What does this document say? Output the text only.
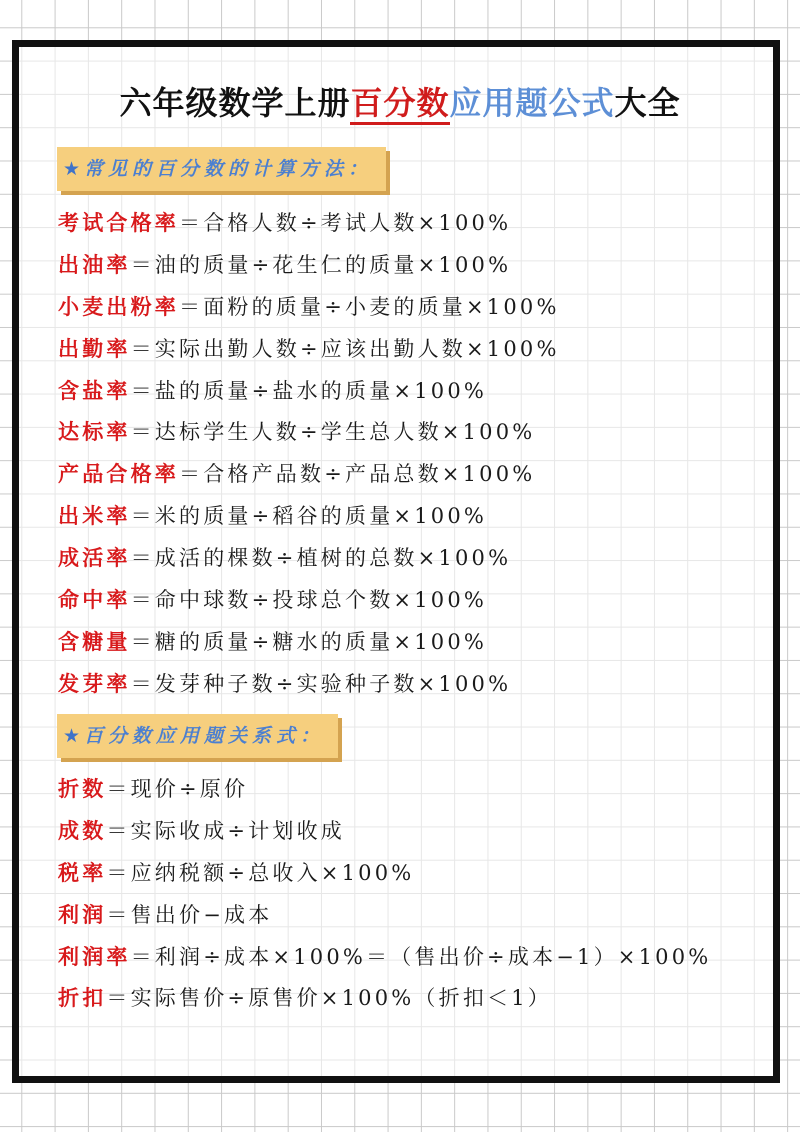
六年级数学上册百分数应用题公式大全
★ 常见的百分数的计算方法：
考试合格率＝合格人数÷考试人数×100%
出油率＝油的质量÷花生仁的质量×100%
小麦出粉率＝面粉的质量÷小麦的质量×100%
出勤率＝实际出勤人数÷应该出勤人数×100%
含盐率＝盐的质量÷盐水的质量×100%
达标率＝达标学生人数÷学生总人数×100%
产品合格率＝合格产品数÷产品总数×100%
出米率＝米的质量÷稻谷的质量×100%
成活率＝成活的棵数÷植树的总数×100%
命中率＝命中球数÷投球总个数×100%
含糖量＝糖的质量÷糖水的质量×100%
发芽率＝发芽种子数÷实验种子数×100%
★ 百分数应用题关系式：
折数＝现价÷原价
成数＝实际收成÷计划收成
税率＝应纳税额÷总收入×100%
利润＝售出价−成本
利润率＝利润÷成本×100%＝（售出价÷成本−1）×100%
折扣＝实际售价÷原售价×100%（折扣＜1）
